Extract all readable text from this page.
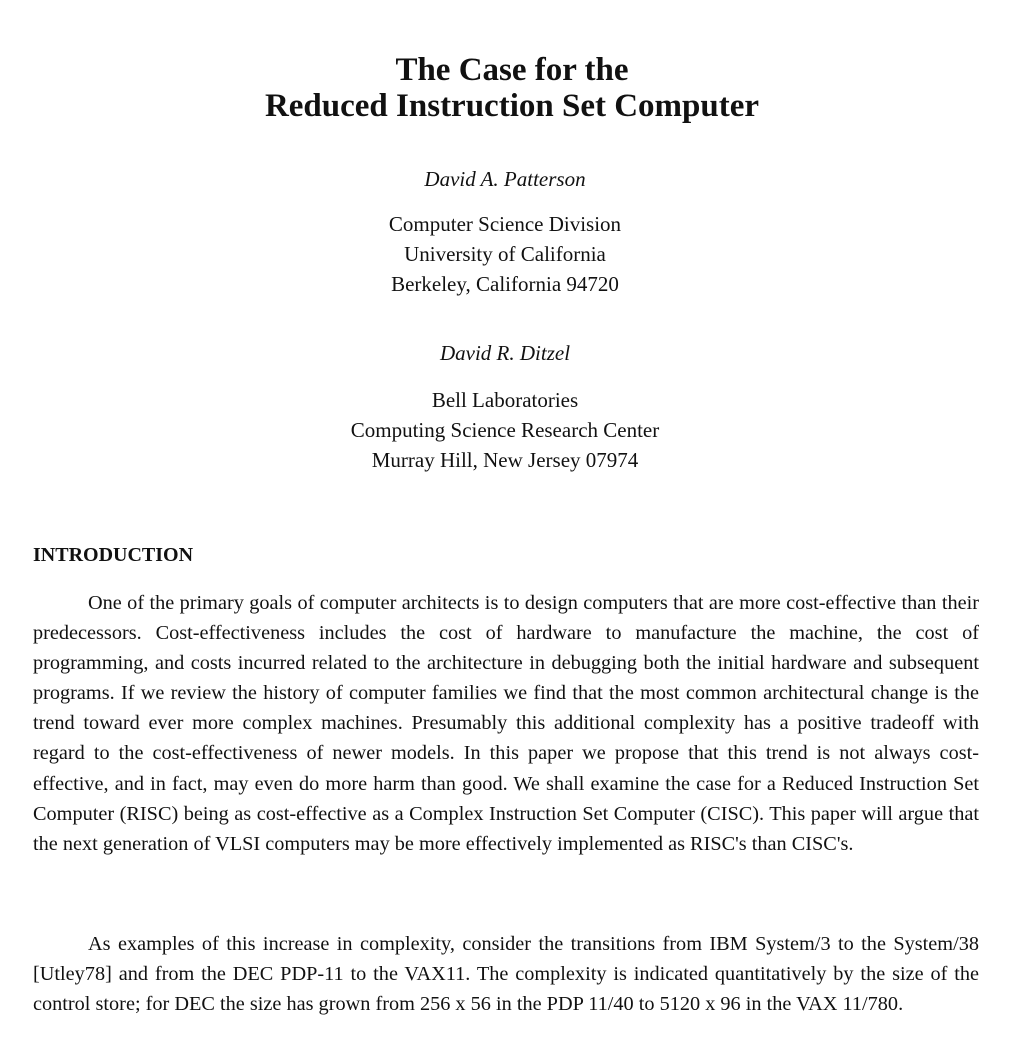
The Case for the
Reduced Instruction Set Computer

David A. Patterson

Computer Science Division
University of California
Berkeley, California 94720

David R. Ditzel

Bell Laboratories
Computing Science Research Center
Murray Hill, New Jersey 07974
INTRODUCTION

One of the primary goals of computer architects is to design computers that are more cost-effective than their predecessors. Cost-effectiveness includes the cost of hardware to manufacture the machine, the cost of programming, and costs incurred related to the architecture in debugging both the initial hardware and subsequent programs. If we review the history of computer families we find that the most common architectural change is the trend toward ever more complex machines. Presumably this additional complexity has a positive tradeoff with regard to the cost-effectiveness of newer models. In this paper we propose that this trend is not always cost-effective, and in fact, may even do more harm than good. We shall examine the case for a Reduced Instruction Set Computer (RISC) being as cost-effective as a Complex Instruction Set Computer (CISC). This paper will argue that the next generation of VLSI computers may be more effectively implemented as RISC's than CISC's.

As examples of this increase in complexity, consider the transitions from IBM System/3 to the System/38 [Utley78] and from the DEC PDP-11 to the VAX11. The complexity is indicated quantitatively by the size of the control store; for DEC the size has grown from 256 x 56 in the PDP 11/40 to 5120 x 96 in the VAX 11/780.
